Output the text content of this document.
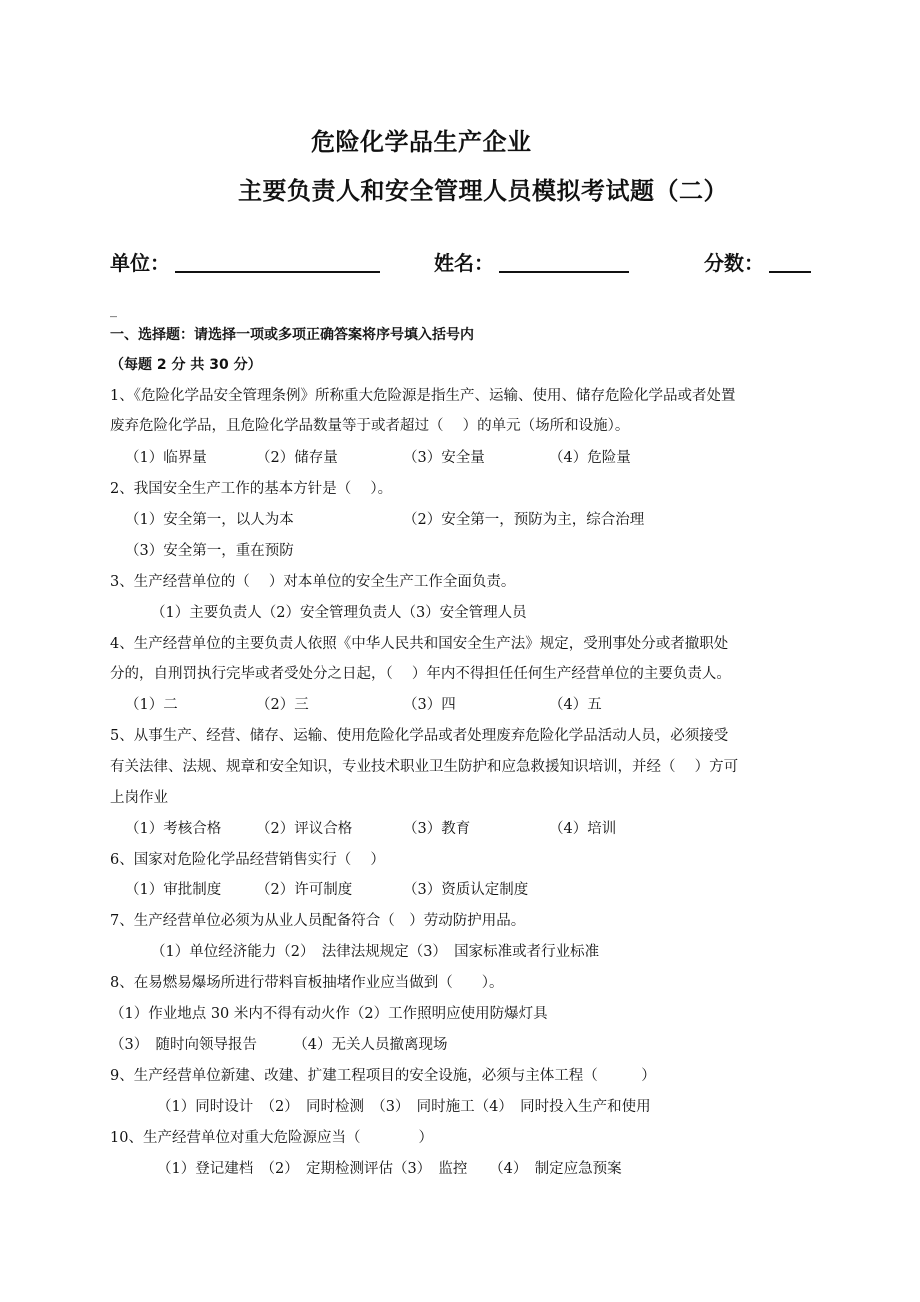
危险化学品生产企业
主要负责人和安全管理人员模拟考试题（二）
单位：	姓名：	分数：
_
一、选择题：请选择一项或多项正确答案将序号填入括号内
（每题 2 分 共 30 分）
1、《危险化学品安全管理条例》所称重大危险源是指生产、运输、使用、储存危险化学品或者处置
废弃危险化学品，且危险化学品数量等于或者超过（　 ）的单元（场所和设施）。
（1）临界量	（2）储存量	（3）安全量	（4）危险量
2、我国安全生产工作的基本方针是（　 ）。
（1）安全第一，以人为本	（2）安全第一，预防为主，综合治理
（3）安全第一，重在预防
3、生产经营单位的（　 ）对本单位的安全生产工作全面负责。
（1）主要负责人（2）安全管理负责人（3）安全管理人员
4、生产经营单位的主要负责人依照《中华人民共和国安全生产法》规定，受刑事处分或者撤职处
分的，自刑罚执行完毕或者受处分之日起，（　 ）年内不得担任任何生产经营单位的主要负责人。
（1）二	（2）三	（3）四	（4）五
5、从事生产、经营、储存、运输、使用危险化学品或者处理废弃危险化学品活动人员，必须接受
有关法律、法规、规章和安全知识，专业技术职业卫生防护和应急救援知识培训，并经（　 ）方可
上岗作业
（1）考核合格 （2）评议合格	（3）教育	（4）培训
6、国家对危险化学品经营销售实行（　 ）
（1）审批制度 （2）许可制度	（3）资质认定制度
7、生产经营单位必须为从业人员配备符合（　）劳动防护用品。
（1）单位经济能力（2）　法律法规规定（3）　国家标准或者行业标准
8、在易燃易爆场所进行带料盲板抽堵作业应当做到（　　）。
（1）作业地点 30 米内不得有动火作（2）工作照明应使用防爆灯具
（3）　随时向领导报告　　　（4）无关人员撤离现场
9、生产经营单位新建、改建、扩建工程项目的安全设施，必须与主体工程（　　　）
（1）同时设计　（2）　同时检测　（3）　同时施工（4）　同时投入生产和使用
10、生产经营单位对重大危险源应当（　　　　）
（1）登记建档　（2）　定期检测评估（3）　监控　　（4）　制定应急预案
